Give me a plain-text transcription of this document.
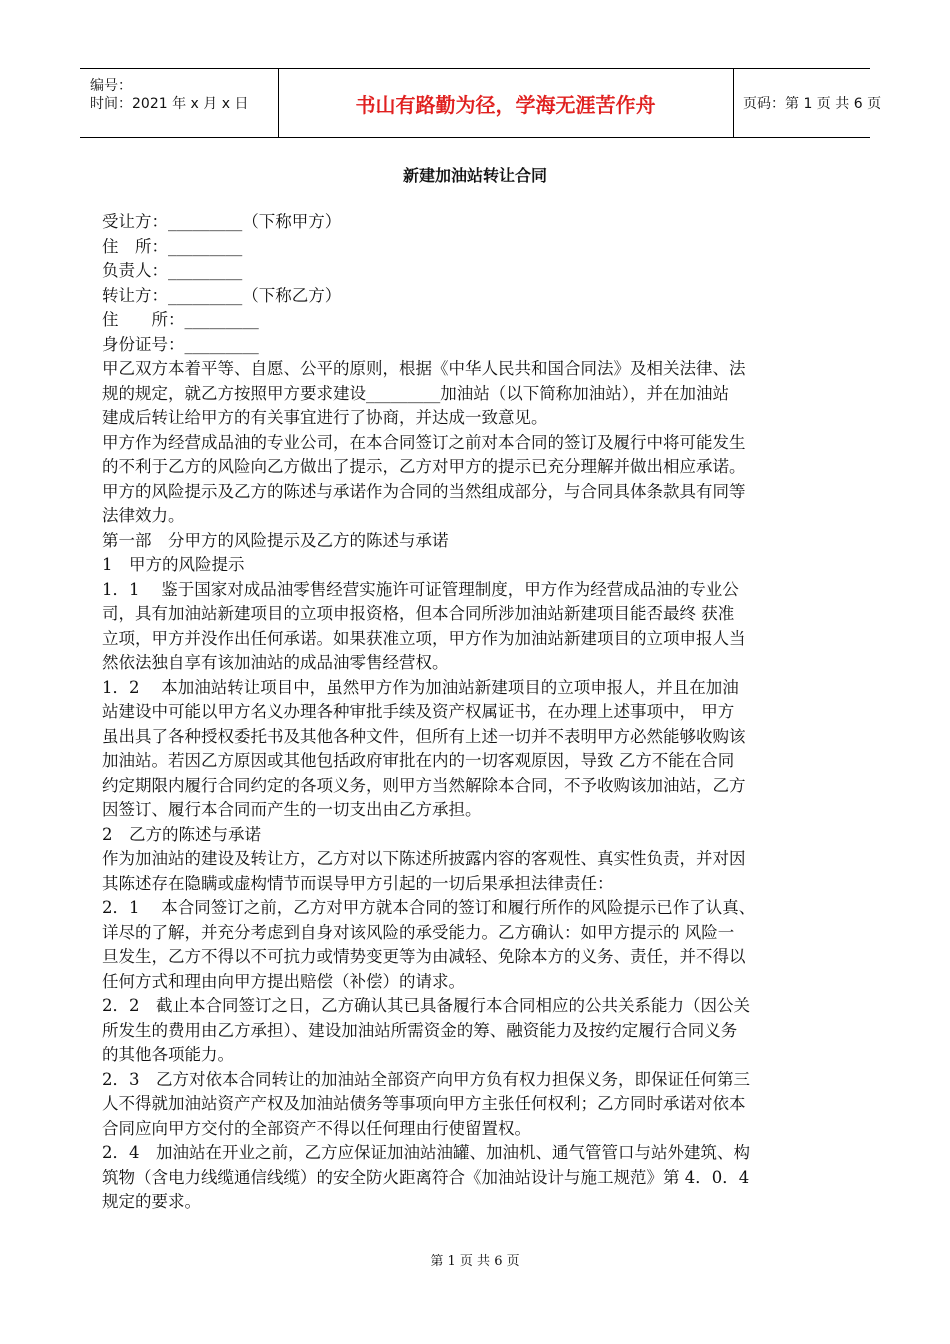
编号：
时间：2021 年 x 月 x 日	书山有路勤为径，学海无涯苦作舟	页码：第 1 页 共 6 页
新建加油站转让合同
受让方：_________（下称甲方）
住　所：_________
负责人：_________
转让方：_________（下称乙方）
住　　所：_________
身份证号：_________
甲乙双方本着平等、自愿、公平的原则，根据《中华人民共和国合同法》及相关法律、法
规的规定，就乙方按照甲方要求建设_________加油站（以下简称加油站），并在加油站
建成后转让给甲方的有关事宜进行了协商，并达成一致意见。
甲方作为经营成品油的专业公司，在本合同签订之前对本合同的签订及履行中将可能发生
的不利于乙方的风险向乙方做出了提示，乙方对甲方的提示已充分理解并做出相应承诺。
甲方的风险提示及乙方的陈述与承诺作为合同的当然组成部分，与合同具体条款具有同等
法律效力。
第一部　分甲方的风险提示及乙方的陈述与承诺
1　甲方的风险提示
1．1　 鉴于国家对成品油零售经营实施许可证管理制度，甲方作为经营成品油的专业公
司，具有加油站新建项目的立项申报资格，但本合同所涉加油站新建项目能否最终 获准
立项，甲方并没作出任何承诺。如果获准立项，甲方作为加油站新建项目的立项申报人当
然依法独自享有该加油站的成品油零售经营权。
1．2　 本加油站转让项目中，虽然甲方作为加油站新建项目的立项申报人，并且在加油
站建设中可能以甲方名义办理各种审批手续及资产权属证书，在办理上述事项中， 甲方
虽出具了各种授权委托书及其他各种文件，但所有上述一切并不表明甲方必然能够收购该
加油站。若因乙方原因或其他包括政府审批在内的一切客观原因，导致 乙方不能在合同
约定期限内履行合同约定的各项义务，则甲方当然解除本合同，不予收购该加油站，乙方
因签订、履行本合同而产生的一切支出由乙方承担。
2　乙方的陈述与承诺
作为加油站的建设及转让方，乙方对以下陈述所披露内容的客观性、真实性负责，并对因
其陈述存在隐瞒或虚构情节而误导甲方引起的一切后果承担法律责任：
2．1　 本合同签订之前，乙方对甲方就本合同的签订和履行所作的风险提示已作了认真、
详尽的了解，并充分考虑到自身对该风险的承受能力。乙方确认：如甲方提示的 风险一
旦发生，乙方不得以不可抗力或情势变更等为由减轻、免除本方的义务、责任，并不得以
任何方式和理由向甲方提出赔偿（补偿）的请求。
2．2　截止本合同签订之日，乙方确认其已具备履行本合同相应的公共关系能力（因公关
所发生的费用由乙方承担）、建设加油站所需资金的筹、融资能力及按约定履行合同义务
的其他各项能力。
2．3　乙方对依本合同转让的加油站全部资产向甲方负有权力担保义务，即保证任何第三
人不得就加油站资产产权及加油站债务等事项向甲方主张任何权利；乙方同时承诺对依本
合同应向甲方交付的全部资产不得以任何理由行使留置权。
2．4　加油站在开业之前，乙方应保证加油站油罐、加油机、通气管管口与站外建筑、构
筑物（含电力线缆通信线缆）的安全防火距离符合《加油站设计与施工规范》第 4．0．4
规定的要求。
第 1 页 共 6 页
